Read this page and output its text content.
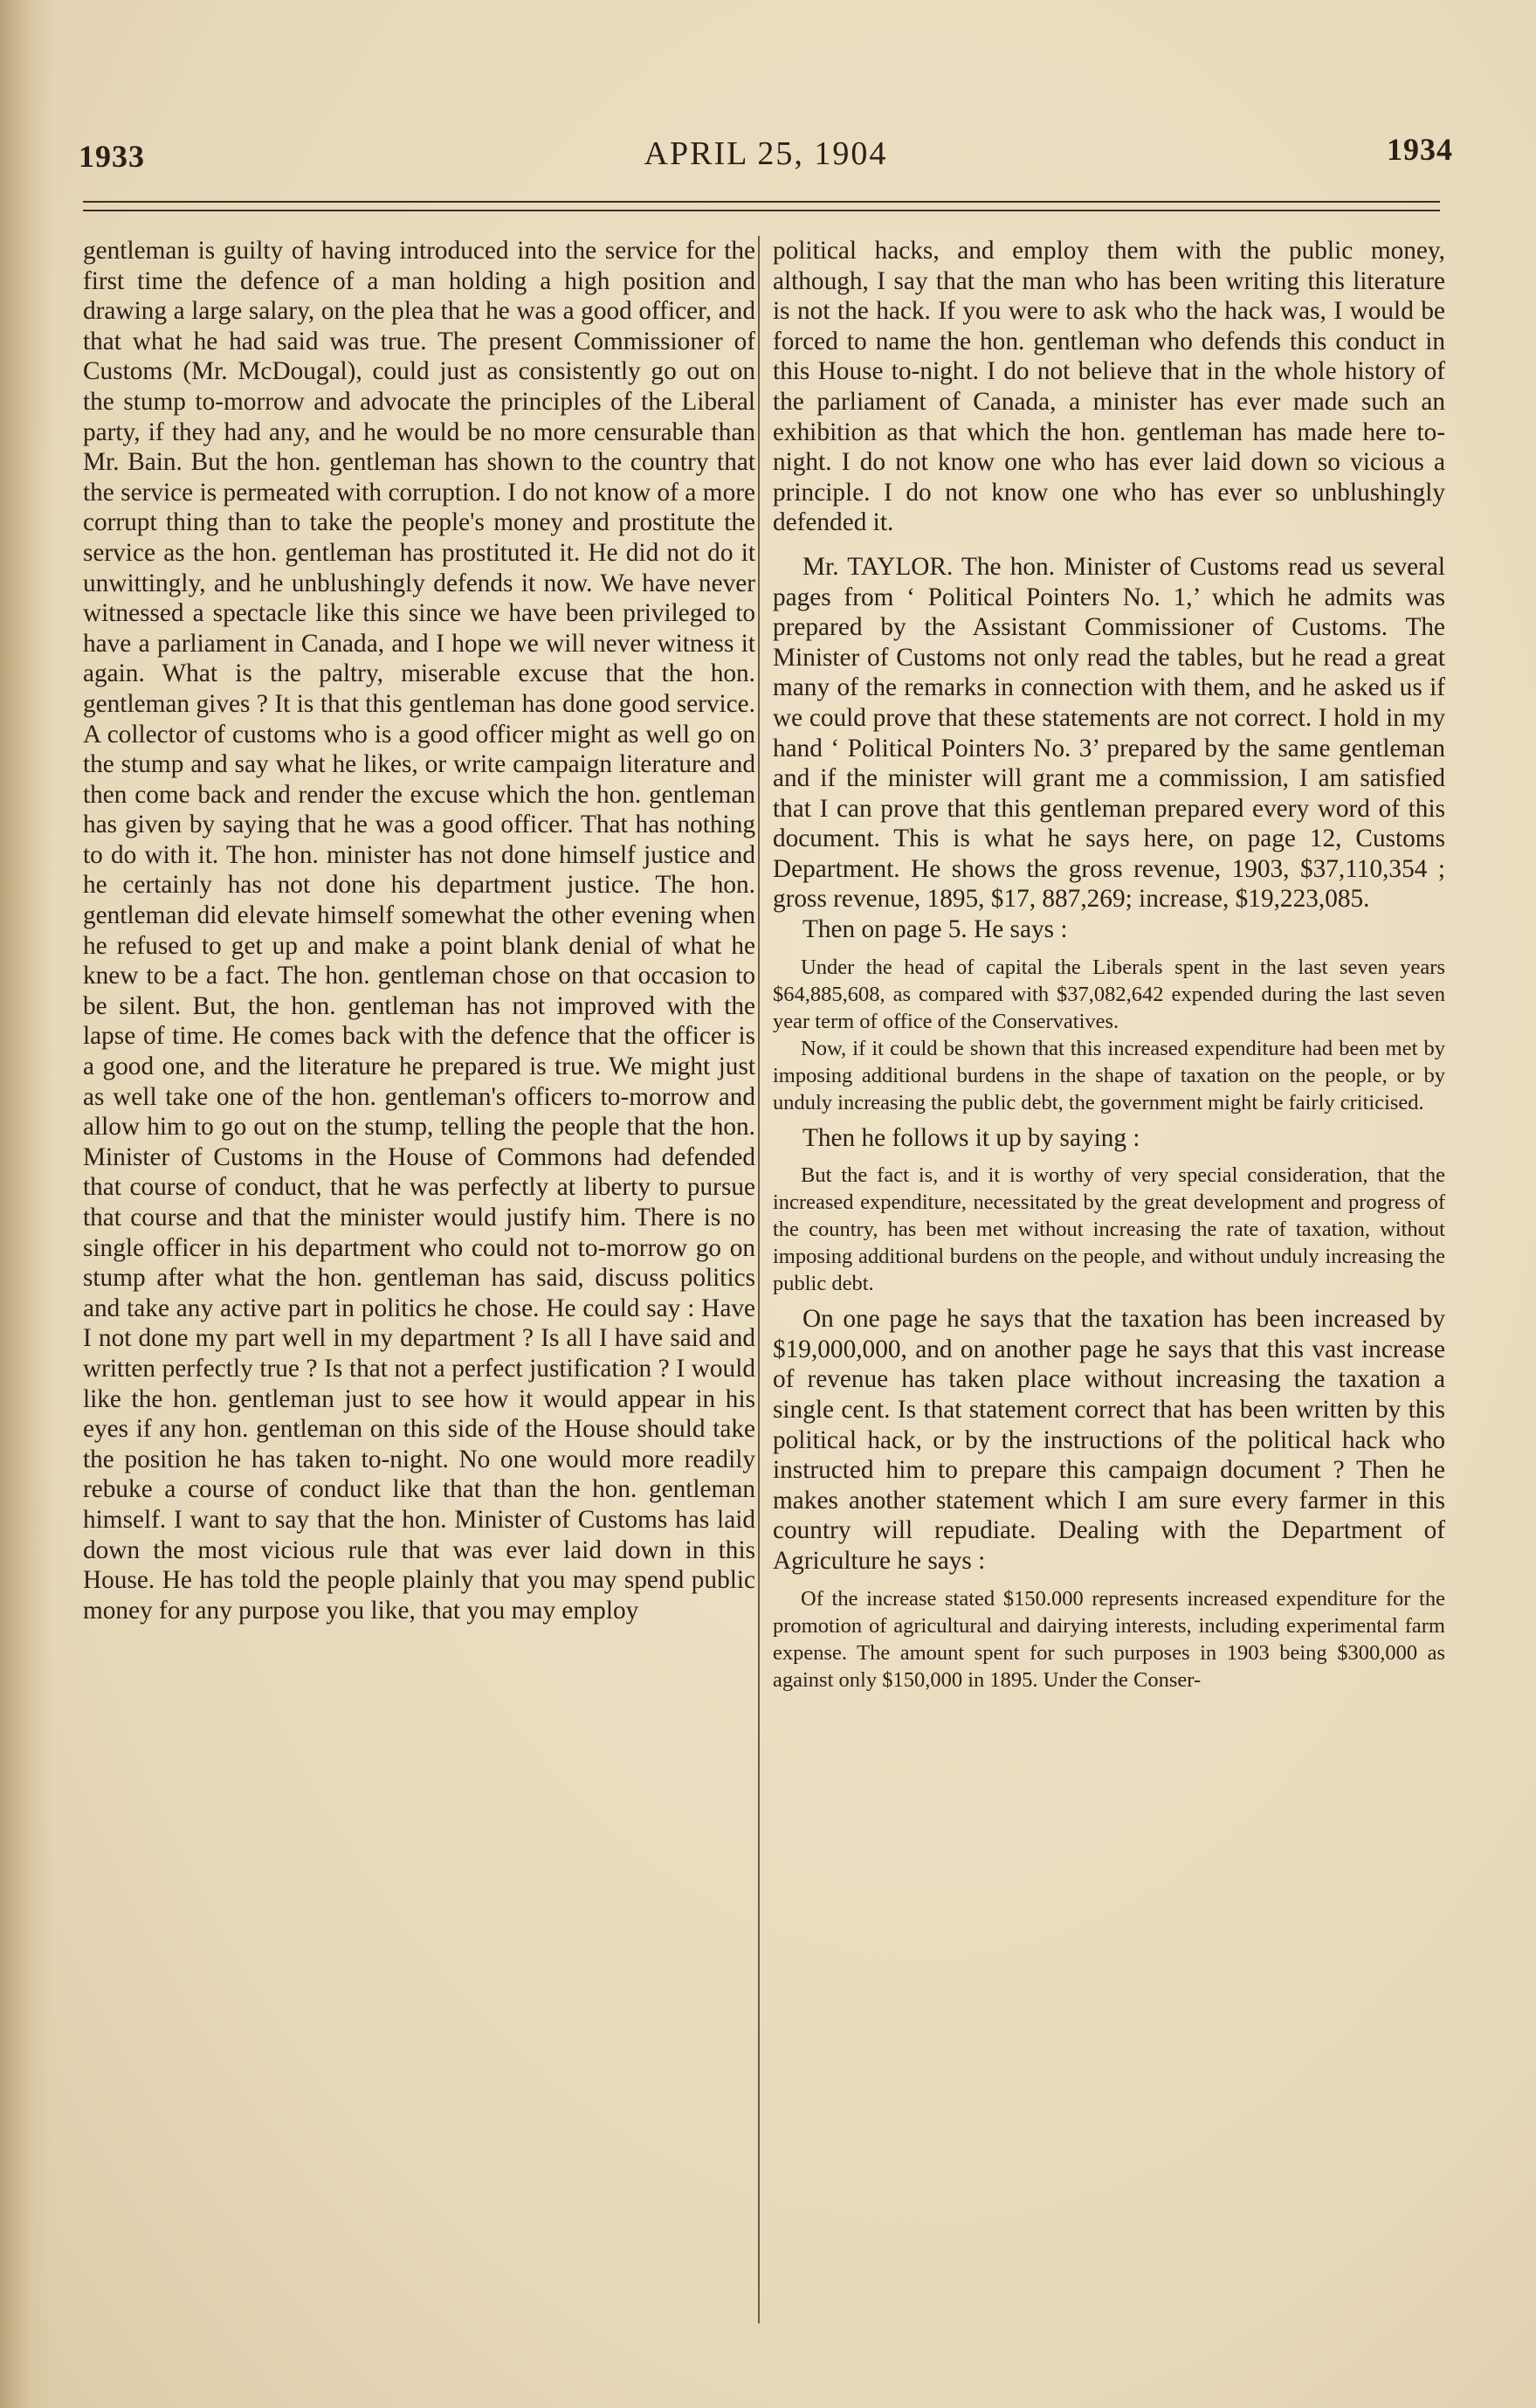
1933	APRIL 25, 1904	1934

gentleman is guilty of having introduced into the service for the first time the defence of a man holding a high position and drawing a large salary, on the plea that he was a good officer, and that what he had said was true. The present Commissioner of Customs (Mr. McDougal), could just as consistently go out on the stump to-morrow and advocate the principles of the Liberal party, if they had any, and he would be no more censurable than Mr. Bain. But the hon. gentleman has shown to the country that the service is permeated with corruption. I do not know of a more corrupt thing than to take the people's money and prostitute the service as the hon. gentleman has prostituted it. He did not do it unwittingly, and he unblushingly defends it now. We have never witnessed a spectacle like this since we have been privileged to have a parliament in Canada, and I hope we will never witness it again. What is the paltry, miserable excuse that the hon. gentleman gives ? It is that this gentleman has done good service. A collector of customs who is a good officer might as well go on the stump and say what he likes, or write campaign literature and then come back and render the excuse which the hon. gentleman has given by saying that he was a good officer. That has nothing to do with it. The hon. minister has not done himself justice and he certainly has not done his department justice. The hon. gentleman did elevate himself somewhat the other evening when he refused to get up and make a point blank denial of what he knew to be a fact. The hon. gentleman chose on that occasion to be silent. But, the hon. gentleman has not improved with the lapse of time. He comes back with the defence that the officer is a good one, and the literature he prepared is true. We might just as well take one of the hon. gentleman's officers to-morrow and allow him to go out on the stump, telling the people that the hon. Minister of Customs in the House of Commons had defended that course of conduct, that he was perfectly at liberty to pursue that course and that the minister would justify him. There is no single officer in his department who could not to-morrow go on stump after what the hon. gentleman has said, discuss politics and take any active part in politics he chose. He could say : Have I not done my part well in my department ? Is all I have said and written perfectly true ? Is that not a perfect justification ? I would like the hon. gentleman just to see how it would appear in his eyes if any hon. gentleman on this side of the House should take the position he has taken to-night. No one would more readily rebuke a course of conduct like that than the hon. gentleman himself. I want to say that the hon. Minister of Customs has laid down the most vicious rule that was ever laid down in this House. He has told the people plainly that you may spend public money for any purpose you like, that you may employ

political hacks, and employ them with the public money, although, I say that the man who has been writing this literature is not the hack. If you were to ask who the hack was, I would be forced to name the hon. gentleman who defends this conduct in this House to-night. I do not believe that in the whole history of the parliament of Canada, a minister has ever made such an exhibition as that which the hon. gentleman has made here to-night. I do not know one who has ever laid down so vicious a principle. I do not know one who has ever so unblushingly defended it.

Mr. TAYLOR. The hon. Minister of Customs read us several pages from ‘ Political Pointers No. 1,’ which he admits was prepared by the Assistant Commissioner of Customs. The Minister of Customs not only read the tables, but he read a great many of the remarks in connection with them, and he asked us if we could prove that these statements are not correct. I hold in my hand ‘ Political Pointers No. 3’ prepared by the same gentleman and if the minister will grant me a commission, I am satisfied that I can prove that this gentleman prepared every word of this document. This is what he says here, on page 12, Customs Department. He shows the gross revenue, 1903, $37,110,354 ; gross revenue, 1895, $17, 887,269; increase, $19,223,085.

Then on page 5. He says :

Under the head of capital the Liberals spent in the last seven years $64,885,608, as compared with $37,082,642 expended during the last seven year term of office of the Conservatives.

Now, if it could be shown that this increased expenditure had been met by imposing additional burdens in the shape of taxation on the people, or by unduly increasing the public debt, the government might be fairly criticised.

Then he follows it up by saying :

But the fact is, and it is worthy of very special consideration, that the increased expenditure, necessitated by the great development and progress of the country, has been met without increasing the rate of taxation, without imposing additional burdens on the people, and without unduly increasing the public debt.

On one page he says that the taxation has been increased by $19,000,000, and on another page he says that this vast increase of revenue has taken place without increasing the taxation a single cent. Is that statement correct that has been written by this political hack, or by the instructions of the political hack who instructed him to prepare this campaign document ? Then he makes another statement which I am sure every farmer in this country will repudiate. Dealing with the Department of Agriculture he says :

Of the increase stated $150.000 represents increased expenditure for the promotion of agricultural and dairying interests, including experimental farm expense. The amount spent for such purposes in 1903 being $300,000 as against only $150,000 in 1895. Under the Conser-
